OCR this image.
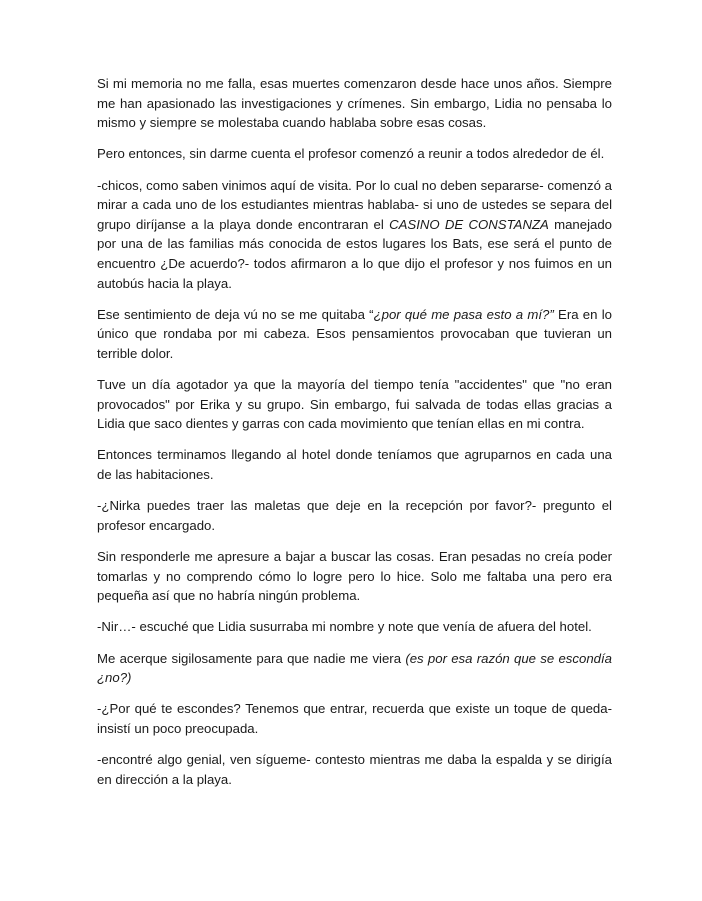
Si mi memoria no me falla, esas muertes comenzaron desde hace unos años. Siempre me han apasionado las investigaciones y crímenes. Sin embargo, Lidia no pensaba lo mismo y siempre se molestaba cuando hablaba sobre esas cosas.

Pero entonces, sin darme cuenta el profesor comenzó a reunir a todos alrededor de él.

-chicos, como saben vinimos aquí de visita. Por lo cual no deben separarse- comenzó a mirar a cada uno de los estudiantes mientras hablaba- si uno de ustedes se separa del grupo diríjanse a la playa donde encontraran el CASINO DE CONSTANZA manejado por una de las familias más conocida de estos lugares los Bats, ese será el punto de encuentro ¿De acuerdo?- todos afirmaron a lo que dijo el profesor y nos fuimos en un autobús hacia la playa.

Ese sentimiento de deja vú no se me quitaba “¿por qué me pasa esto a mí?” Era en lo único que rondaba por mi cabeza. Esos pensamientos provocaban que tuvieran un terrible dolor.

Tuve un día agotador ya que la mayoría del tiempo tenía "accidentes" que "no eran provocados" por Erika y su grupo. Sin embargo, fui salvada de todas ellas gracias a Lidia que saco dientes y garras con cada movimiento que tenían ellas en mi contra.

Entonces terminamos llegando al hotel donde teníamos que agruparnos en cada una de las habitaciones.

-¿Nirka puedes traer las maletas que deje en la recepción por favor?- pregunto el profesor encargado.

Sin responderle me apresure a bajar a buscar las cosas. Eran pesadas no creía poder tomarlas y no comprendo cómo lo logre pero lo hice. Solo me faltaba una pero era pequeña así que no habría ningún problema.

-Nir…- escuché que Lidia susurraba mi nombre y note que venía de afuera del hotel.

Me acerque sigilosamente para que nadie me viera (es por esa razón que se escondía ¿no?)

-¿Por qué te escondes? Tenemos que entrar, recuerda que existe un toque de queda- insistí un poco preocupada.

-encontré algo genial, ven sígueme- contesto mientras me daba la espalda y se dirigía en dirección a la playa.
